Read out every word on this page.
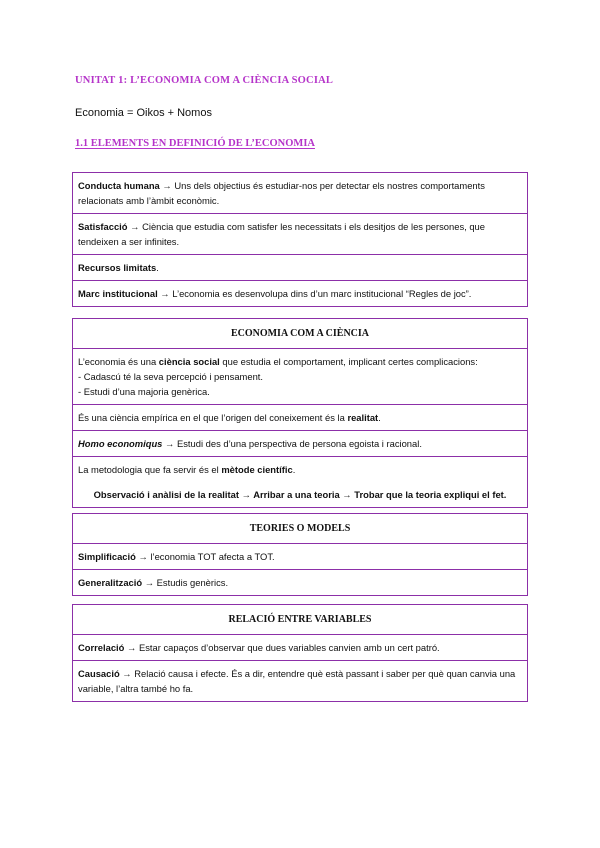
UNITAT 1: L’ECONOMIA COM A CIÈNCIA SOCIAL
Economia = Oikos + Nomos
1.1 ELEMENTS EN DEFINICIÓ DE L’ECONOMIA
Conducta humana → Uns dels objectius és estudiar-nos per detectar els nostres comportaments relacionats amb l’àmbit econòmic.
Satisfacció → Ciència que estudia com satisfer les necessitats i els desitjos de les persones, que tendeixen a ser infinites.
Recursos limitats.
Marc institucional → L’economia es desenvolupa dins d’un marc institucional “Regles de joc”.
ECONOMIA COM A CIÈNCIA
L’economia és una ciència social que estudia el comportament, implicant certes complicacions:
- Cadascú té la seva percepció i pensament.
- Estudi d’una majoria genèrica.
És una ciència empírica en el que l’origen del coneixement és la realitat.
Homo economiqus → Estudi des d’una perspectiva de persona egoista i racional.
La metodologia que fa servir és el mètode científic.
Observació i anàlisi de la realitat → Arribar a una teoria → Trobar que la teoria expliqui el fet.
TEORIES O MODELS
Simplificació → l’economia TOT afecta a TOT.
Generalització → Estudis genèrics.
RELACIÓ ENTRE VARIABLES
Correlació → Estar capaços d’observar que dues variables canvien amb un cert patró.
Causació → Relació causa i efecte. És a dir, entendre què està passant i saber per què quan canvia una variable, l’altra també ho fa.
